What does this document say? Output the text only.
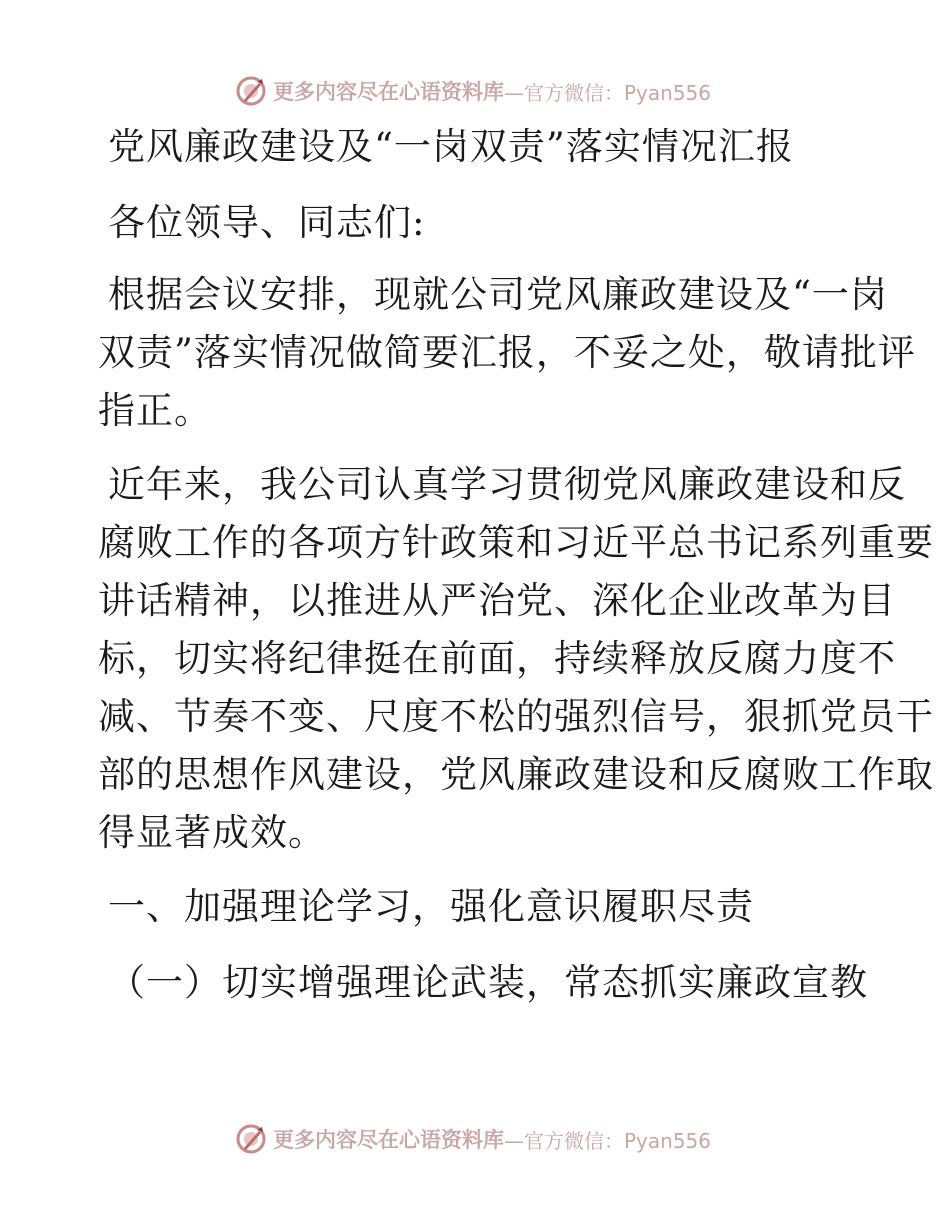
更多内容尽在心语资料库 —官方微信：Pyan556
党风廉政建设及“一岗双责”落实情况汇报
各位领导、同志们:
根据会议安排，现就公司党风廉政建设及“一岗
双责”落实情况做简要汇报，不妥之处，敬请批评
指正。
近年来，我公司认真学习贯彻党风廉政建设和反
腐败工作的各项方针政策和习近平总书记系列重要
讲话精神，以推进从严治党、深化企业改革为目
标，切实将纪律挺在前面，持续释放反腐力度不
减、节奏不变、尺度不松的强烈信号，狠抓党员干
部的思想作风建设，党风廉政建设和反腐败工作取
得显著成效。
一、加强理论学习，强化意识履职尽责
（一）切实增强理论武装，常态抓实廉政宣教
更多内容尽在心语资料库 —官方微信：Pyan556
